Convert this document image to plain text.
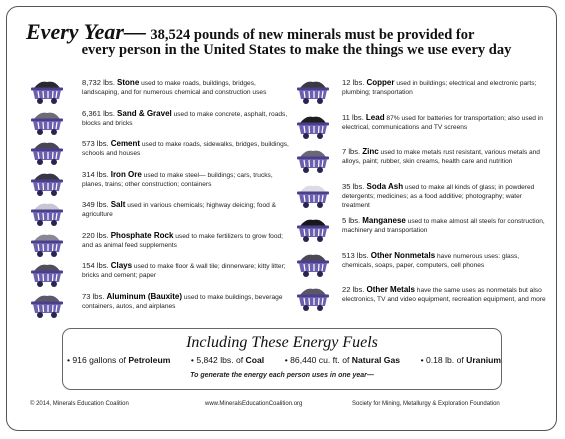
Every Year— 38,524 pounds of new minerals must be provided for
every person in the United States to make the things we use every day
8,732 lbs. Stone used to make roads, buildings, bridges, landscaping, and for numerous chemical and construction uses
6,361 lbs. Sand & Gravel used to make concrete, asphalt, roads, blocks and bricks
573 lbs. Cement used to make roads, sidewalks, bridges, buildings, schools and houses
314 lbs. Iron Ore used to make steel— buildings; cars, trucks, planes, trains; other construction; containers
349 lbs. Salt used in various chemicals; highway deicing; food & agriculture
220 lbs. Phosphate Rock used to make fertilizers to grow food; and as animal feed supplements
154 lbs. Clays used to make floor & wall tile; dinnerware; kitty litter; bricks and cement; paper
73 lbs. Aluminum (Bauxite) used to make buildings, beverage containers, autos, and airplanes
12 lbs. Copper used in buildings; electrical and electronic parts; plumbing; transportation
11 lbs. Lead 87% used for batteries for transportation; also used in electrical, communications and TV screens
7 lbs. Zinc used to make metals rust resistant, various metals and alloys, paint; rubber, skin creams, health care and nutrition
35 lbs. Soda Ash used to make all kinds of glass; in powdered detergents; medicines; as a food additive; photography; water treatment
5 lbs. Manganese used to make almost all steels for construction, machinery and transportation
513 lbs. Other Nonmetals have numerous uses: glass, chemicals, soaps, paper, computers, cell phones
22 lbs. Other Metals have the same uses as nonmetals but also electronics, TV and video equipment, recreation equipment, and more
Including These Energy Fuels
• 916 gallons of Petroleum • 5,842 lbs. of Coal • 86,440 cu. ft. of Natural Gas • 0.18 lb. of Uranium
To generate the energy each person uses in one year—
© 2014, Minerals Education Coalition	www.MineralsEducationCoalition.org	Society for Mining, Metallurgy & Exploration Foundation
